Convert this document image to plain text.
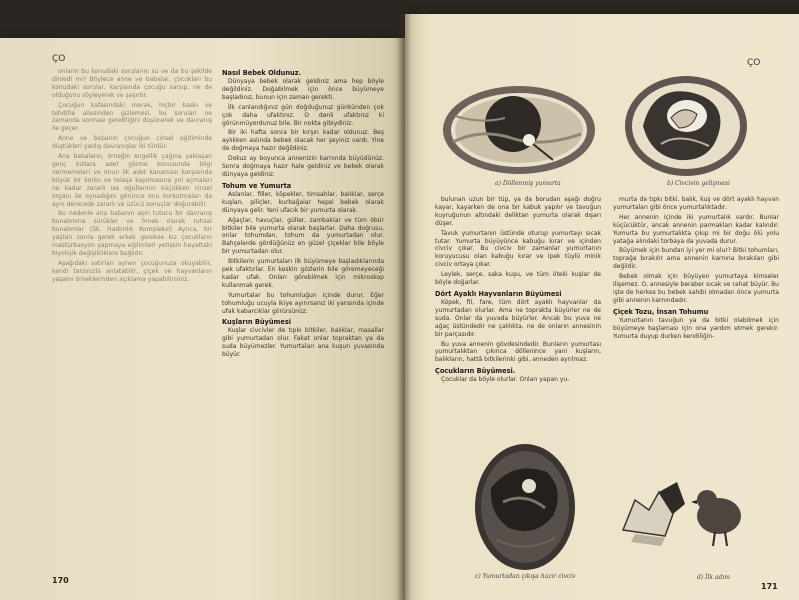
ÇO

onların bu konudaki sorularını su ve da bu şekilde dinledi mi? Böylece anne ve babalar, çocukları bu konudaki sorular, karşısında çocuğu sarsıp, ne de olduğunu söyleyerek ve şaşırtır.

Çocuğun kafasındaki merak, hiçbir baskı ve tehditle ailesinden gizlemesi, bu soruları ne zamanda sorması gerektiğini düşünerek ve davranış ile geçer.

Anne ve babanın çocuğun cinsel eğitiminde düştükleri yanlış davranışlar iki türdür.

Ana babaların, örneğin engellik çağına yaklaşan genç kızlara adet görme konusunda bilgi vermemeleri ve onun ilk adet kanaması karşısında büyük bir korku ve telaşa kapılmasına yol açmaları ne kadar zararlı ise oğullarının küçükken cinsel organı ile oynadığını görünce onu korkutmaları da aynı derecede zararlı ve üzücü sonuçlar doğurabilir.

Bu nedenle ana babanın aşırı tutucu bir davranış bunalımına sürükler ve örnek olarak ruhsal bunalımlar (Sk. Hadımlık Kompleksi) Ayrıca, bir yaştan sonra gerek erkek gerekse kız çocukların mastürbasyon yapmaya eğilimleri yetişkin hayattaki biyolojik değişikliklere bağlıdır.

Aşağıdaki satırları aynen çocuğunuza okuyabilir, kendi tarzınızla anlatabilir, çiçek ve hayvanların yaşamı örneklerinden açıklama yapabilirsiniz.

Nasıl Bebek Oldunuz.

Dünyaya bebek olarak geldiniz ama hep böyle değildiniz. Doğabilmek için önce büyümeye başladınız, bunun için zaman gerekti.

İlk canlandığınız gün doğduğunuz günkünden çok çok daha ufaktınız. O denli ufaktınız ki görünmüyordunuz bile. Bir nokta gibiydiniz.

Bir iki hafta sonra bir kırşın kadar oldunuz. Beş aylıkken aslında bebek olacak her şeyiniz vardı. Yine de doğmaya hazır değildiniz.

Dokuz ay boyunca annenizin karnında büyüdünüz. Sonra doğmaya hazır hale geldiniz ve bebek olarak dünyaya geldiniz.

Tohum ve Yumurta

Aslanlar, filler, köpekler, timsahlar, balıklar, serçe kuşları, piliçler, kurbağalar hepsi bebek olarak dünyaya gelir. Yeni ufacık bir yumurta olarak.

Ağaçlar, havuçlar, güller, zambaklar ve tüm öbür bitkiler bile yumurta olarak başlarlar. Daha doğrusu, onlar tohumdan, tohum da yumurtadan olur. Bahçelerde gördüğünüz en güzel çiçekler bile böyle bir yumurtadan olur.

Bitkilerin yumurtaları ilk büyümeye başladıklarında pek ufaktırlar. En keskin gözlerin bile göremeyeceği kadar ufak. Onları görebilmek için mikroskop kullanmak gerek.

Yumurtalar bu tohumluğun içinde durur. Eğer tohumluğu ucuyla ikiye ayırırsanız iki yarısında içinde ufak kabarcıklar görürsünüz.

Kuşların Büyümesi

Kuşlar civcivler de tıpkı bitkiler, balıklar, masallar gibi yumurtadan olur. Fakat onlar topraktan ya da suda büyümezler. Yumurtaları ana kuşun yuvasında büyür.

170
ÇO
a) Döllenmiş yumurta	b) Civcivin gelişmesi

bulunan uzun bir tüp, ya da borudan aşağı doğru kayar, kayarken de ona bir kabuk yapılır ve tavuğun kuyruğunun altındaki deliktan yumurta olarak dışarı düşer.

Tavuk yumurtanın üstünde oturup yumurtayı sıcak tutar. Yumurta büyüyünce kabuğu kırar ve içinden civciv çıkar. Bu civciv bir zamanlar yumurtanın koruyucusu olan kabuğu kırar ve ipek tüylü minik civciv ortaya çıkar.

Leylek, serçe, saka kuşu, ve tüm öteki kuşlar de böyle doğarlar.

Dört Ayaklı Hayvanların Büyümesi

Köpek, fil, fare, tüm dört ayaklı hayvanlar da yumurtadan olurlar. Ama ne toprakta büyürler ne de suda. Onlar da yuvada büyürler. Ancak bu yuva ne ağaç üstündedir ne çalılıkta, ne de onların annesinin bir parçasıdır.

Bu yuva annenin gövdesindedir. Bunların yumurtası yumurtalıktan çıkınca döllenince yani kuşların, balıkların, hattâ bitkilerinki gibi, anneden ayrılmaz.

Çocukların Büyümesi.

Çocuklar da böyle olurlar. Onları yapan yu-

murta da tıpkı bitki, balık, kuş ve dört ayaklı hayvan yumurtaları gibi önce yumurtalıktadır.

Her annenin içinde iki yumurtalık vardır. Bunlar küçücüktür, ancak annenin parmakları kadar kalındır. Yumurta bu yumurtalıkta çıkıp mi bir doğu ölü yolu yatağa alındaki torbaya da yuvada durur.

Büyümek için bundan iyi yer mi olur? Bitki tohumları, toprağa bırakılır ama annenin karnına bırakılan gibi değildir.

Bebek olmak için büyüyen yumurtaya kimseler ilişemez. O, annesiyle beraber sıcak ve rahat büyür. Bu işte de herkes bu bebek sahibi olmadan önce yumurta gibi annenin karnındadır.

Çiçek Tozu, İnsan Tohumu

Yumurtanın tavuğun ya da bitki olabilmek için büyümeye başlaması için ona yardım etmek gerekir. Yumurta duyup durken kendiliğin-

c) Yumurtadan çıkışa hazır civciv	d) İlk adım
171
